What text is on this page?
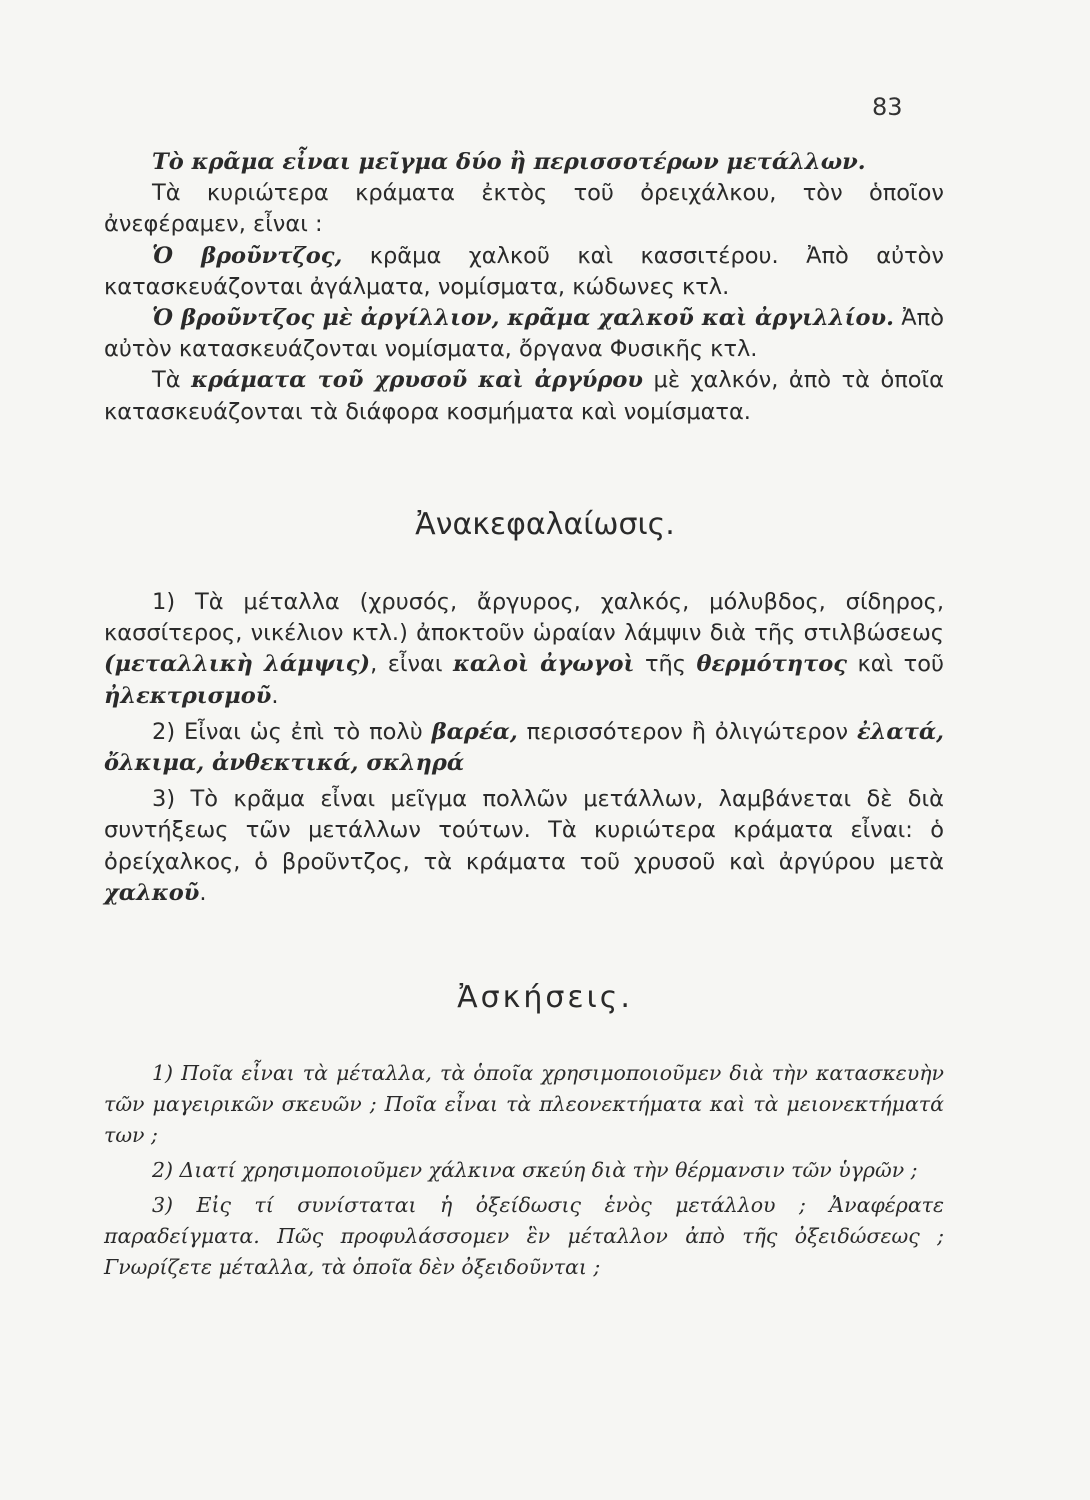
83

Τὸ κρᾶμα εἶναι μεῖγμα δύο ἢ περισσοτέρων μετάλλων.

Τὰ κυριώτερα κράματα ἐκτὸς τοῦ ὀρειχάλκου, τὸν ὁποῖον ἀνεφέραμεν, εἶναι :

Ὁ βροῦντζος, κρᾶμα χαλκοῦ καὶ κασσιτέρου. Ἀπὸ αὐτὸν κατασκευάζονται ἀγάλματα, νομίσματα, κώδωνες κτλ.

Ὁ βροῦντζος μὲ ἀργίλλιον, κρᾶμα χαλκοῦ καὶ ἀργιλλίου. Ἀπὸ αὐτὸν κατασκευάζονται νομίσματα, ὄργανα Φυσικῆς κτλ.

Τὰ κράματα τοῦ χρυσοῦ καὶ ἀργύρου μὲ χαλκόν, ἀπὸ τὰ ὁποῖα κατασκευάζονται τὰ διάφορα κοσμήματα καὶ νομίσματα.

Ἀνακεφαλαίωσις.

1) Τὰ μέταλλα (χρυσός, ἄργυρος, χαλκός, μόλυβδος, σίδηρος, κασσίτερος, νικέλιον κτλ.) ἀποκτοῦν ὡραίαν λάμψιν διὰ τῆς στιλβώσεως (μεταλλικὴ λάμψις), εἶναι καλοὶ ἀγωγοὶ τῆς θερμότητος καὶ τοῦ ἠλεκτρισμοῦ.

2) Εἶναι ὡς ἐπὶ τὸ πολὺ βαρέα, περισσότερον ἢ ὀλιγώτερον ἐλατά, ὄλκιμα, ἀνθεκτικά, σκληρά

3) Τὸ κρᾶμα εἶναι μεῖγμα πολλῶν μετάλλων, λαμβάνεται δὲ διὰ συντήξεως τῶν μετάλλων τούτων. Τὰ κυριώτερα κράματα εἶναι: ὁ ὀρείχαλκος, ὁ βροῦντζος, τὰ κράματα τοῦ χρυσοῦ καὶ ἀργύρου μετὰ χαλκοῦ.

Ἀσκήσεις.

1) Ποῖα εἶναι τὰ μέταλλα, τὰ ὁποῖα χρησιμοποιοῦμεν διὰ τὴν κατασκευὴν τῶν μαγειρικῶν σκευῶν ; Ποῖα εἶναι τὰ πλεονεκτήματα καὶ τὰ μειονεκτήματά των ;

2) Διατί χρησιμοποιοῦμεν χάλκινα σκεύη διὰ τὴν θέρμανσιν τῶν ὑγρῶν ;

3) Εἰς τί συνίσταται ἡ ὀξείδωσις ἑνὸς μετάλλου ; Ἀναφέρατε παραδείγματα. Πῶς προφυλάσσομεν ἓν μέταλλον ἀπὸ τῆς ὀξειδώσεως ; Γνωρίζετε μέταλλα, τὰ ὁποῖα δὲν ὀξειδοῦνται ;
